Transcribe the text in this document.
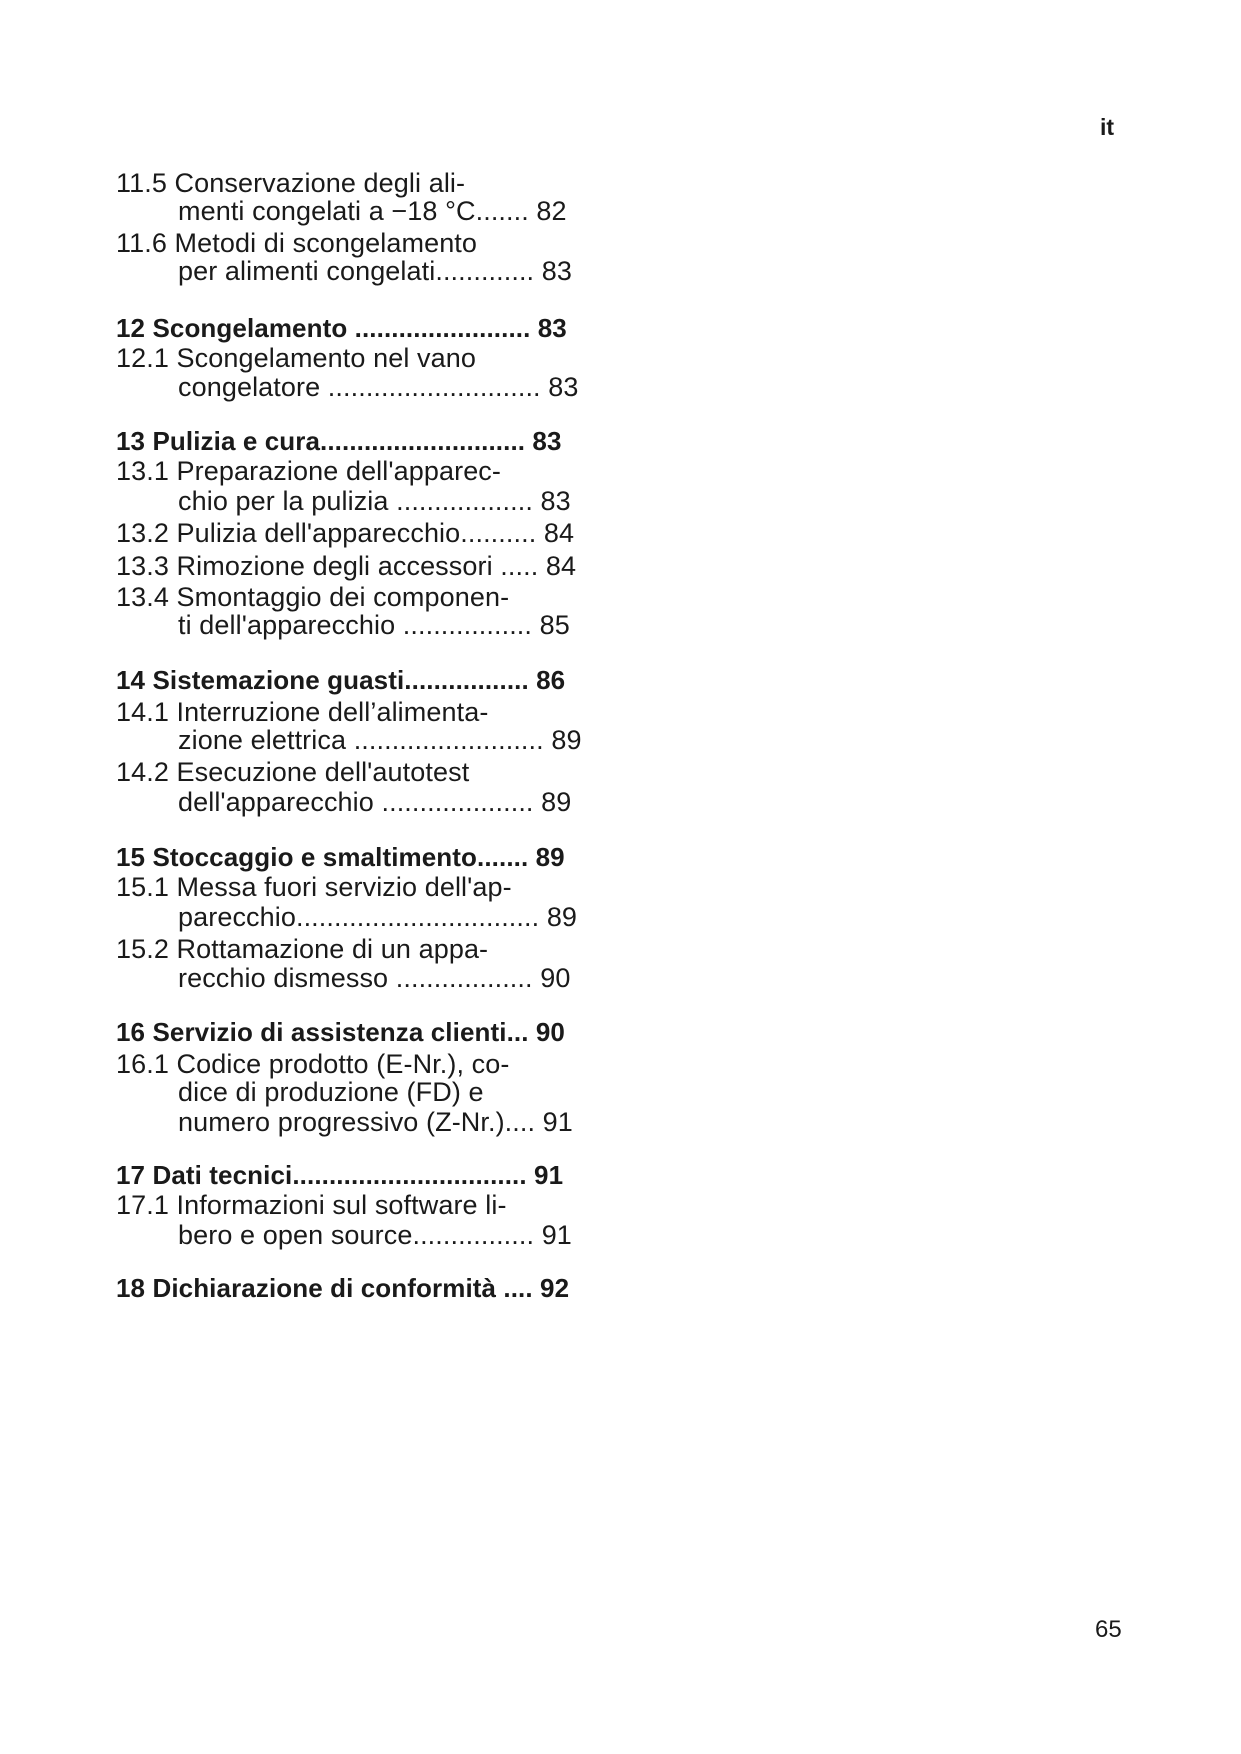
it
11.5 Conservazione degli ali-
menti congelati a −18 °C....... 82
11.6 Metodi di scongelamento
per alimenti congelati............. 83
12 Scongelamento ........................ 83
12.1 Scongelamento nel vano
congelatore ............................ 83
13 Pulizia e cura............................ 83
13.1 Preparazione dell'apparec-
chio per la pulizia .................. 83
13.2 Pulizia dell'apparecchio.......... 84
13.3 Rimozione degli accessori ..... 84
13.4 Smontaggio dei componen-
ti dell'apparecchio ................. 85
14 Sistemazione guasti................. 86
14.1 Interruzione dell’alimenta-
zione elettrica ......................... 89
14.2 Esecuzione dell'autotest
dell'apparecchio .................... 89
15 Stoccaggio e smaltimento....... 89
15.1 Messa fuori servizio dell'ap-
parecchio................................ 89
15.2 Rottamazione di un appa-
recchio dismesso .................. 90
16 Servizio di assistenza clienti... 90
16.1 Codice prodotto (E-Nr.), co-
dice di produzione (FD) e
numero progressivo (Z-Nr.).... 91
17 Dati tecnici................................ 91
17.1 Informazioni sul software li-
bero e open source................ 91
18 Dichiarazione di conformità .... 92
65
